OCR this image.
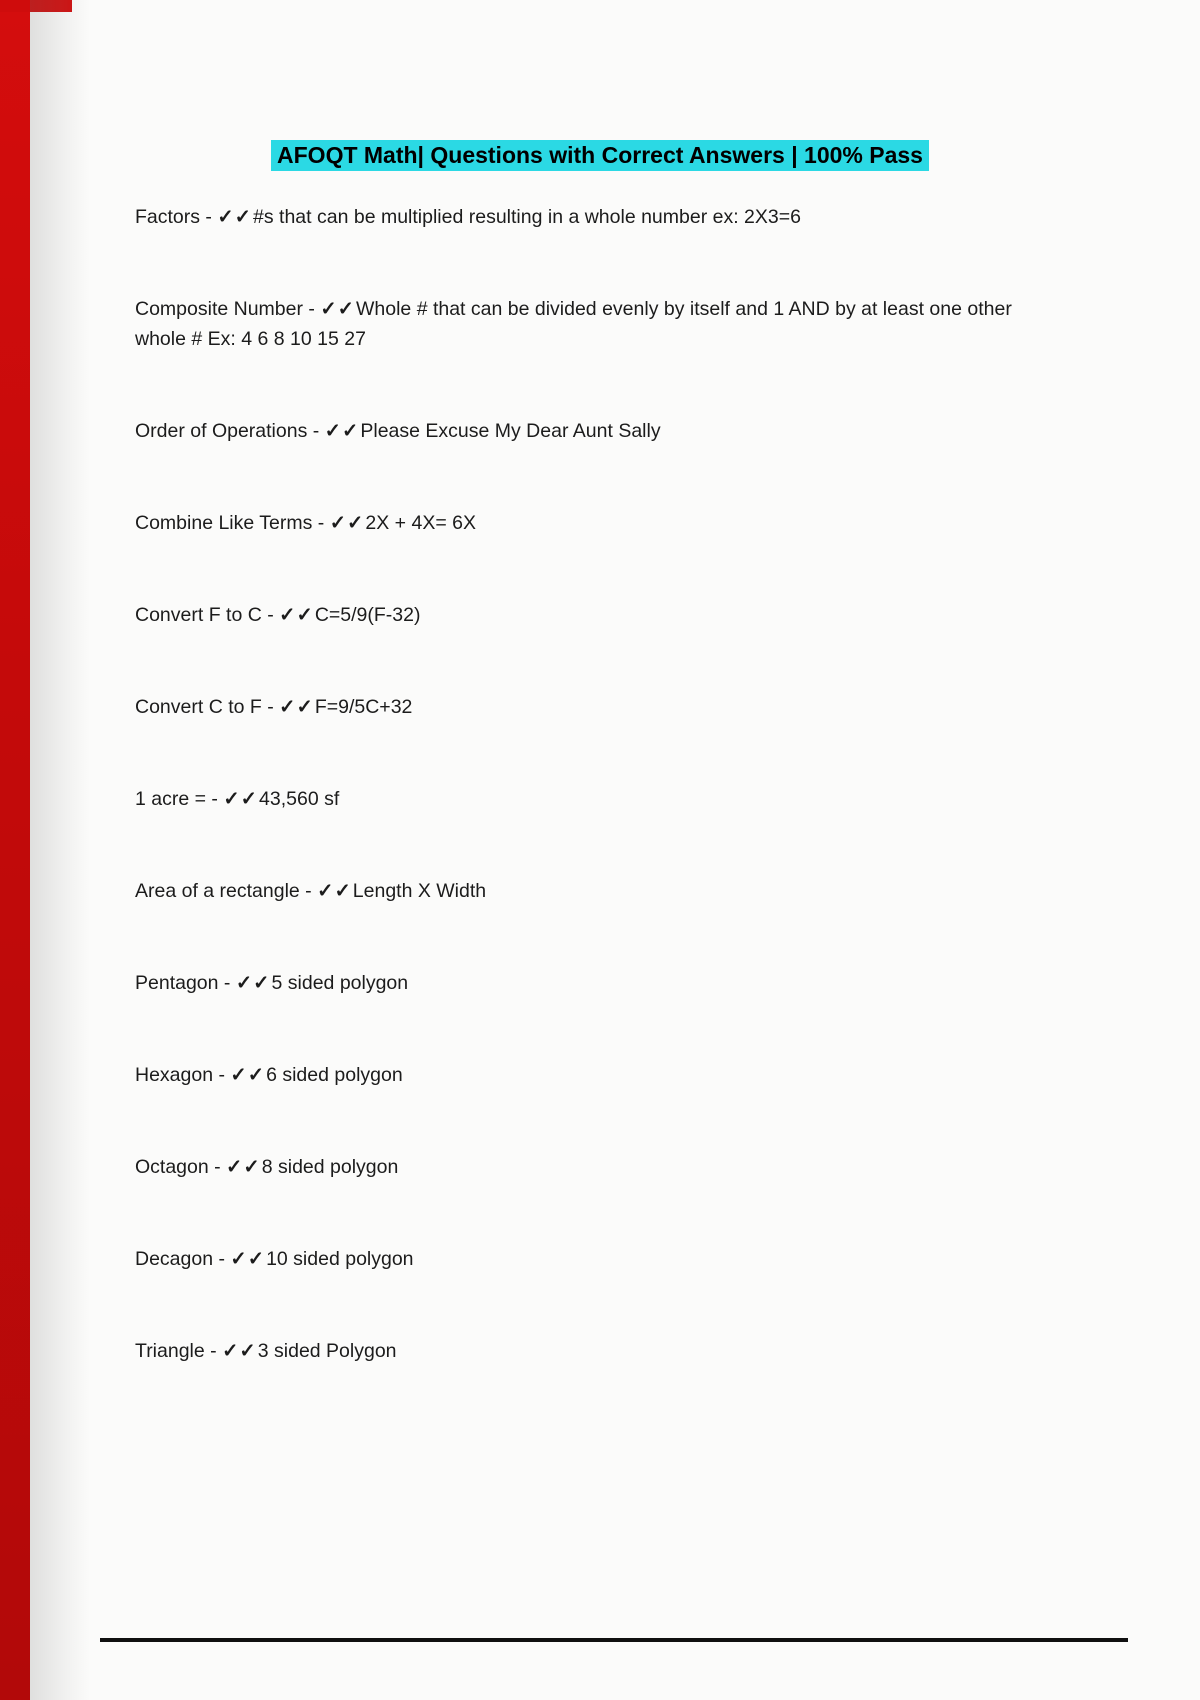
AFOQT Math| Questions with Correct Answers | 100% Pass

Factors - ✓✓#s that can be multiplied resulting in a whole number ex: 2X3=6

Composite Number - ✓✓Whole # that can be divided evenly by itself and 1 AND by at least one other whole # Ex: 4 6 8 10 15 27

Order of Operations - ✓✓Please Excuse My Dear Aunt Sally

Combine Like Terms - ✓✓2X + 4X= 6X

Convert F to C - ✓✓C=5/9(F-32)

Convert C to F - ✓✓F=9/5C+32

1 acre = - ✓✓43,560 sf

Area of a rectangle - ✓✓Length X Width

Pentagon - ✓✓5 sided polygon

Hexagon - ✓✓6 sided polygon

Octagon - ✓✓8 sided polygon

Decagon - ✓✓10 sided polygon

Triangle - ✓✓3 sided Polygon
